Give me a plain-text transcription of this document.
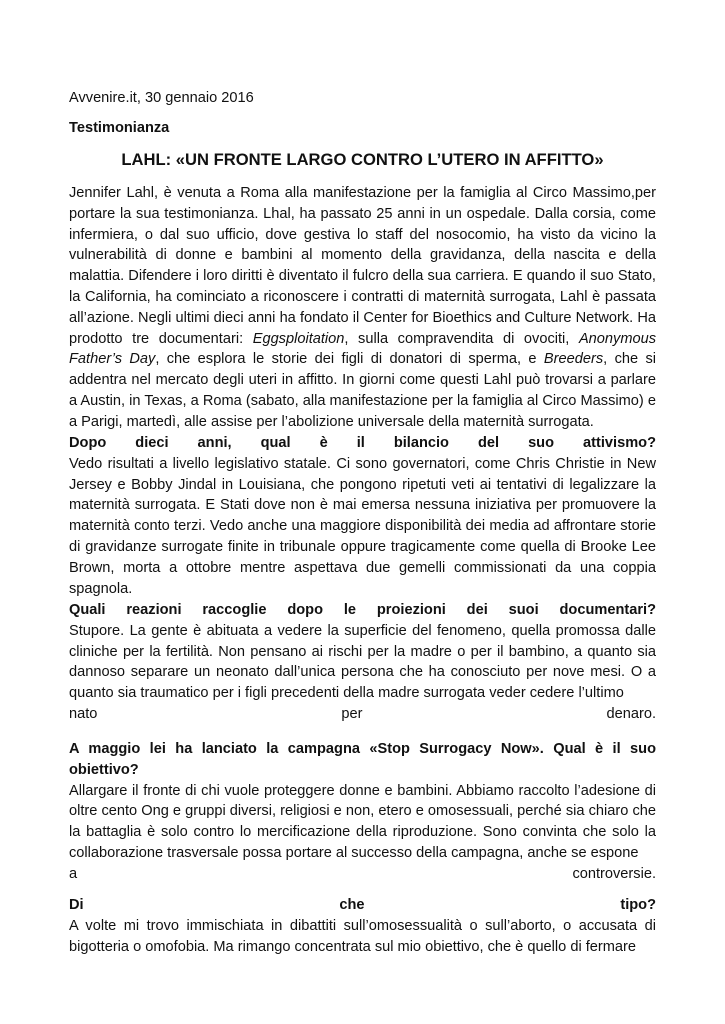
Avvenire.it, 30 gennaio 2016

Testimonianza

LAHL: «UN FRONTE LARGO CONTRO L’UTERO IN AFFITTO»

Jennifer Lahl, è venuta a Roma alla manifestazione per la famiglia al Circo Massimo,per portare la sua testimonianza. Lhal, ha passato 25 anni in un ospedale. Dalla corsia, come infermiera, o dal suo ufficio, dove gestiva lo staff del nosocomio, ha visto da vicino la vulnerabilità di donne e bambini al momento della gravidanza, della nascita e della malattia. Difendere i loro diritti è diventato il fulcro della sua carriera. E quando il suo Stato, la California, ha cominciato a riconoscere i contratti di maternità surrogata, Lahl è passata all’azione. Negli ultimi dieci anni ha fondato il Center for Bioethics and Culture Network. Ha prodotto tre documentari: Eggsploitation, sulla compravendita di ovociti, Anonymous Father’s Day, che esplora le storie dei figli di donatori di sperma, e Breeders, che si addentra nel mercato degli uteri in affitto. In giorni come questi Lahl può trovarsi a parlare a Austin, in Texas, a Roma (sabato, alla manifestazione per la famiglia al Circo Massimo) e a Parigi, martedì, alle assise per l’abolizione universale della maternità surrogata.

Dopo dieci anni, qual è il bilancio del suo attivismo?

Vedo risultati a livello legislativo statale. Ci sono governatori, come Chris Christie in New Jersey e Bobby Jindal in Louisiana, che pongono ripetuti veti ai tentativi di legalizzare la maternità surrogata. E Stati dove non è mai emersa nessuna iniziativa per promuovere la maternità conto terzi. Vedo anche una maggiore disponibilità dei media ad affrontare storie di gravidanze surrogate finite in tribunale oppure tragicamente come quella di Brooke Lee Brown, morta a ottobre mentre aspettava due gemelli commissionati da una coppia spagnola.

Quali reazioni raccoglie dopo le proiezioni dei suoi documentari?

Stupore. La gente è abituata a vedere la superficie del fenomeno, quella promossa dalle cliniche per la fertilità. Non pensano ai rischi per la madre o per il bambino, a quanto sia dannoso separare un neonato dall’unica persona che ha conosciuto per nove mesi. O a quanto sia traumatico per i figli precedenti della madre surrogata veder cedere l’ultimo

nato per denaro.

A maggio lei ha lanciato la campagna «Stop Surrogacy Now». Qual è il suo obiettivo?

Allargare il fronte di chi vuole proteggere donne e bambini. Abbiamo raccolto l’adesione di oltre cento Ong e gruppi diversi, religiosi e non, etero e omosessuali, perché sia chiaro che la battaglia è solo contro lo mercificazione della riproduzione. Sono convinta che solo la collaborazione trasversale possa portare al successo della campagna, anche se espone

a controversie.
Di che tipo?

A volte mi trovo immischiata in dibattiti sull’omosessualità o sull’aborto, o accusata di bigotteria o omofobia. Ma rimango concentrata sul mio obiettivo, che è quello di fermare
